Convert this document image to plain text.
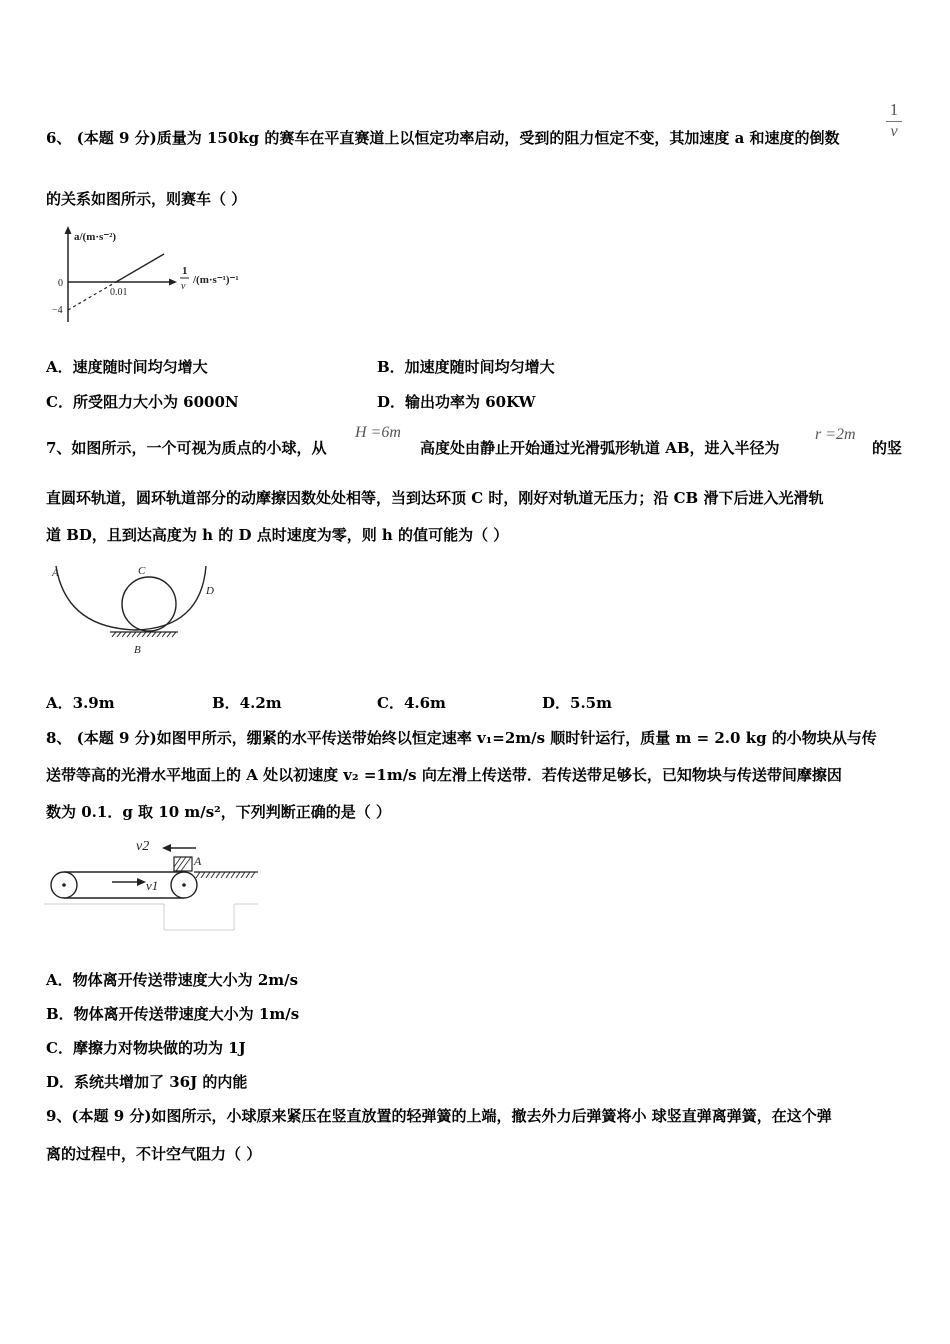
1
v
6、 (本题 9 分)质量为 150kg 的赛车在平直赛道上以恒定功率启动，受到的阻力恒定不变，其加速度 a 和速度的倒数
的关系如图所示，则赛车（ ）
a/(m·s⁻²)
0
−4
0.01
1
v
/(m·s⁻¹)⁻¹
A．速度随时间均匀增大	B．加速度随时间均匀增大
C．所受阻力大小为 6000N	D．输出功率为 60KW
7、如图所示，一个可视为质点的小球，从
H =6m
高度处由静止开始通过光滑弧形轨道 AB，进入半径为
r =2m
的竖
直圆环轨道，圆环轨道部分的动摩擦因数处处相等，当到达环顶 C 时，刚好对轨道无压力；沿 CB 滑下后进入光滑轨
道 BD，且到达高度为 h 的 D 点时速度为零，则 h 的值可能为（ ）
A
B
C
D
A．3.9m	B．4.2m	C．4.6m	D．5.5m
8、 (本题 9 分)如图甲所示，绷紧的水平传送带始终以恒定速率 v₁=2m/s 顺时针运行，质量 m = 2.0 kg 的小物块从与传
送带等高的光滑水平地面上的 A 处以初速度 v₂ =1m/s 向左滑上传送带．若传送带足够长，已知物块与传送带间摩擦因
数为 0.1．g 取 10 m/s²，下列判断正确的是（ ）
v2
A
v1
A．物体离开传送带速度大小为 2m/s
B．物体离开传送带速度大小为 1m/s
C．摩擦力对物块做的功为 1J
D．系统共增加了 36J 的内能
9、(本题 9 分)如图所示，小球原来紧压在竖直放置的轻弹簧的上端，撤去外力后弹簧将小 球竖直弹离弹簧，在这个弹
离的过程中，不计空气阻力（ ）
